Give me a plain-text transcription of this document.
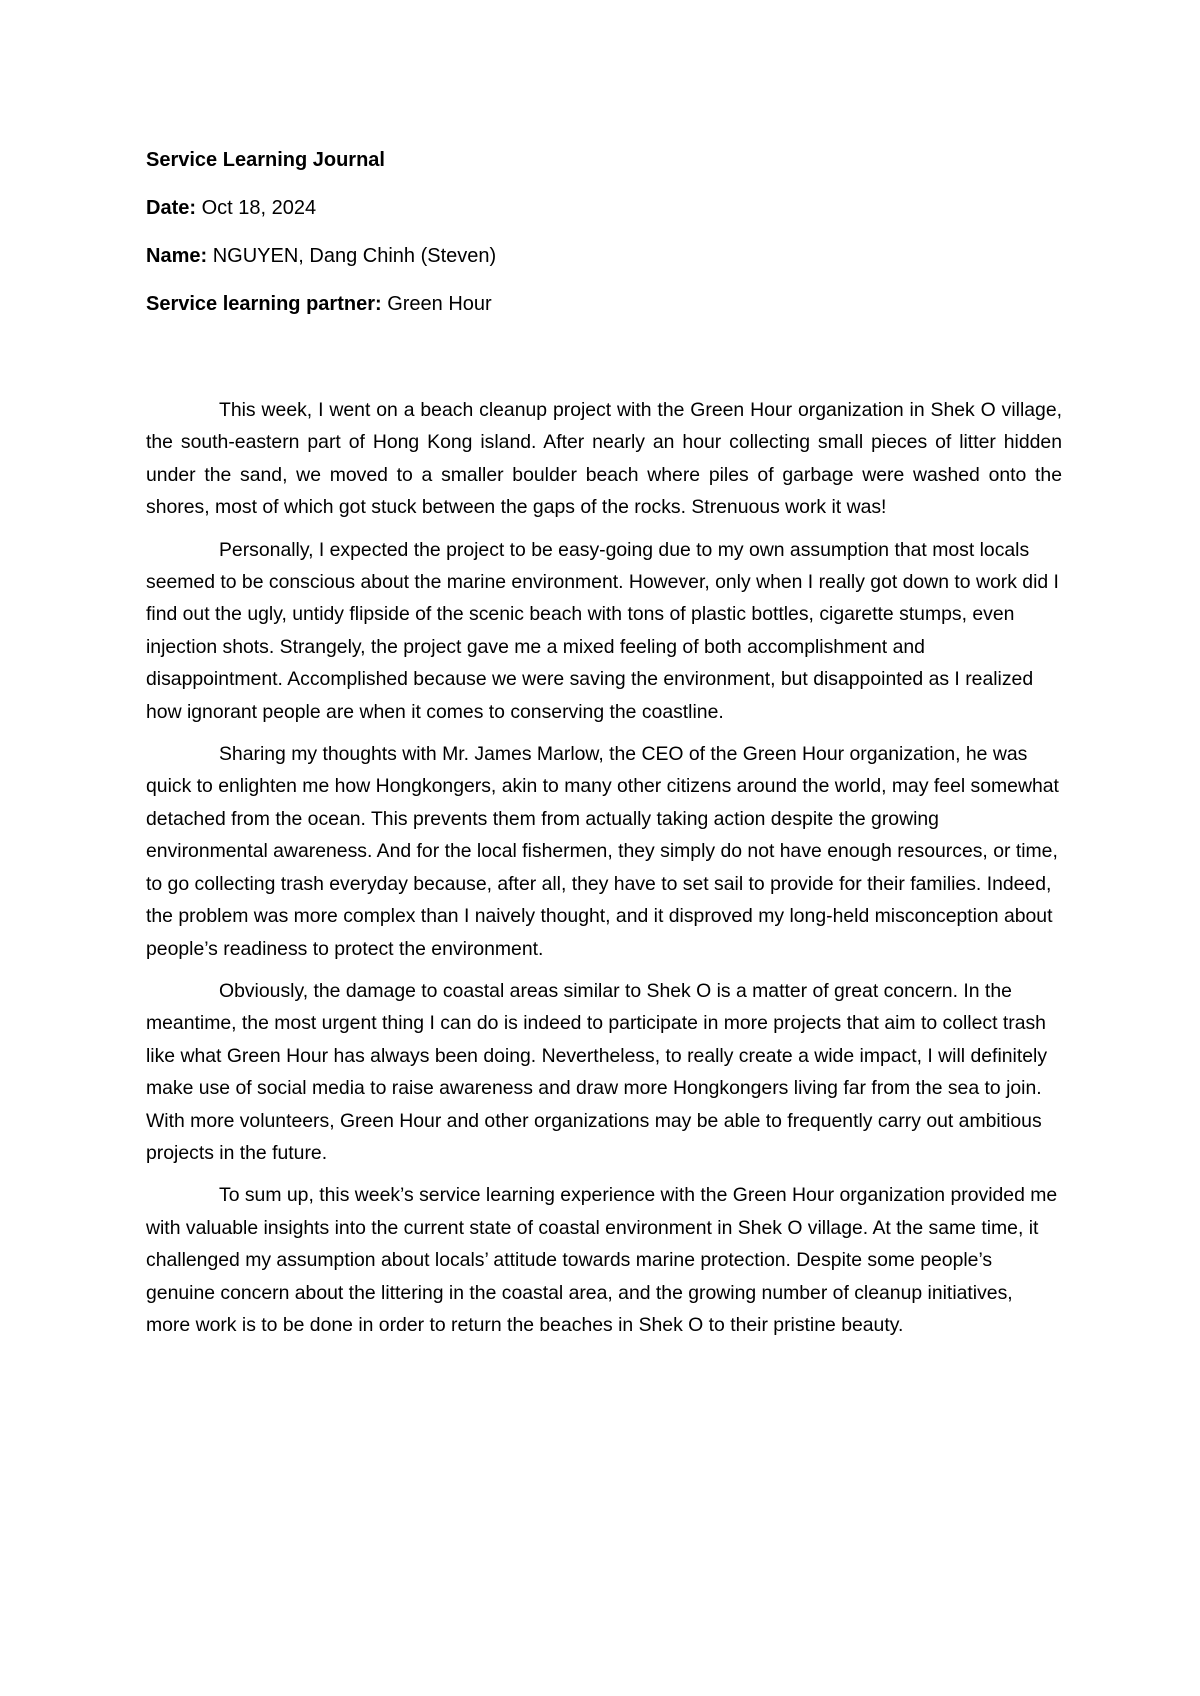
Service Learning Journal
Date: Oct 18, 2024
Name: NGUYEN, Dang Chinh (Steven)
Service learning partner: Green Hour

This week, I went on a beach cleanup project with the Green Hour organization in Shek O village, the south-eastern part of Hong Kong island. After nearly an hour collecting small pieces of litter hidden under the sand, we moved to a smaller boulder beach where piles of garbage were washed onto the shores, most of which got stuck between the gaps of the rocks. Strenuous work it was!

Personally, I expected the project to be easy-going due to my own assumption that most locals seemed to be conscious about the marine environment. However, only when I really got down to work did I find out the ugly, untidy flipside of the scenic beach with tons of plastic bottles, cigarette stumps, even injection shots. Strangely, the project gave me a mixed feeling of both accomplishment and disappointment. Accomplished because we were saving the environment, but disappointed as I realized how ignorant people are when it comes to conserving the coastline.

Sharing my thoughts with Mr. James Marlow, the CEO of the Green Hour organization, he was quick to enlighten me how Hongkongers, akin to many other citizens around the world, may feel somewhat detached from the ocean. This prevents them from actually taking action despite the growing environmental awareness. And for the local fishermen, they simply do not have enough resources, or time, to go collecting trash everyday because, after all, they have to set sail to provide for their families. Indeed, the problem was more complex than I naively thought, and it disproved my long-held misconception about people’s readiness to protect the environment.

Obviously, the damage to coastal areas similar to Shek O is a matter of great concern. In the meantime, the most urgent thing I can do is indeed to participate in more projects that aim to collect trash like what Green Hour has always been doing. Nevertheless, to really create a wide impact, I will definitely make use of social media to raise awareness and draw more Hongkongers living far from the sea to join. With more volunteers, Green Hour and other organizations may be able to frequently carry out ambitious projects in the future.

To sum up, this week’s service learning experience with the Green Hour organization provided me with valuable insights into the current state of coastal environment in Shek O village. At the same time, it challenged my assumption about locals’ attitude towards marine protection. Despite some people’s genuine concern about the littering in the coastal area, and the growing number of cleanup initiatives, more work is to be done in order to return the beaches in Shek O to their pristine beauty.
